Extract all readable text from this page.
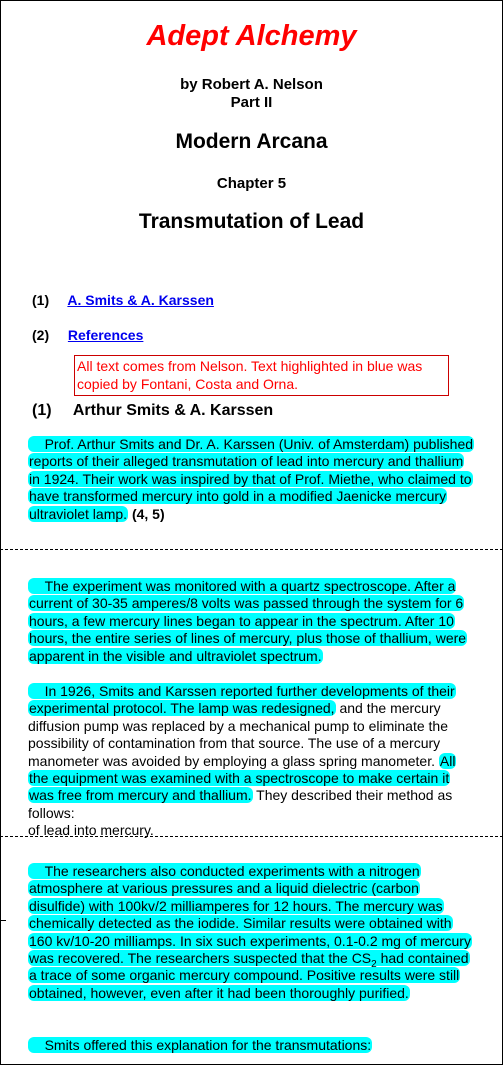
Adept Alchemy
by Robert A. Nelson
Part II
Modern Arcana
Chapter 5
Transmutation of Lead
(1) A. Smits & A. Karssen
(2) References
All text comes from Nelson. Text highlighted in blue was copied by Fontani, Costa and Orna.
(1) Arthur Smits & A. Karssen
Prof. Arthur Smits and Dr. A. Karssen (Univ. of Amsterdam) published reports of their alleged transmutation of lead into mercury and thallium in 1924. Their work was inspired by that of Prof. Miethe, who claimed to have transformed mercury into gold in a modified Jaenicke mercury ultraviolet lamp. (4, 5)
The experiment was monitored with a quartz spectroscope. After a current of 30-35 amperes/8 volts was passed through the system for 6 hours, a few mercury lines began to appear in the spectrum. After 10 hours, the entire series of lines of mercury, plus those of thallium, were apparent in the visible and ultraviolet spectrum.
In 1926, Smits and Karssen reported further developments of their experimental protocol. The lamp was redesigned, and the mercury diffusion pump was replaced by a mechanical pump to eliminate the possibility of contamination from that source. The use of a mercury manometer was avoided by employing a glass spring manometer. All the equipment was examined with a spectroscope to make certain it was free from mercury and thallium. They described their method as follows:
of lead into mercury.
The researchers also conducted experiments with a nitrogen atmosphere at various pressures and a liquid dielectric (carbon disulfide) with 100kv/2 milliamperes for 12 hours. The mercury was chemically detected as the iodide. Similar results were obtained with 160 kv/10-20 milliamps. In six such experiments, 0.1-0.2 mg of mercury was recovered. The researchers suspected that the $CS_2$ had contained a trace of some organic mercury compound. Positive results were still obtained, however, even after it had been thoroughly purified.
Smits offered this explanation for the transmutations:
